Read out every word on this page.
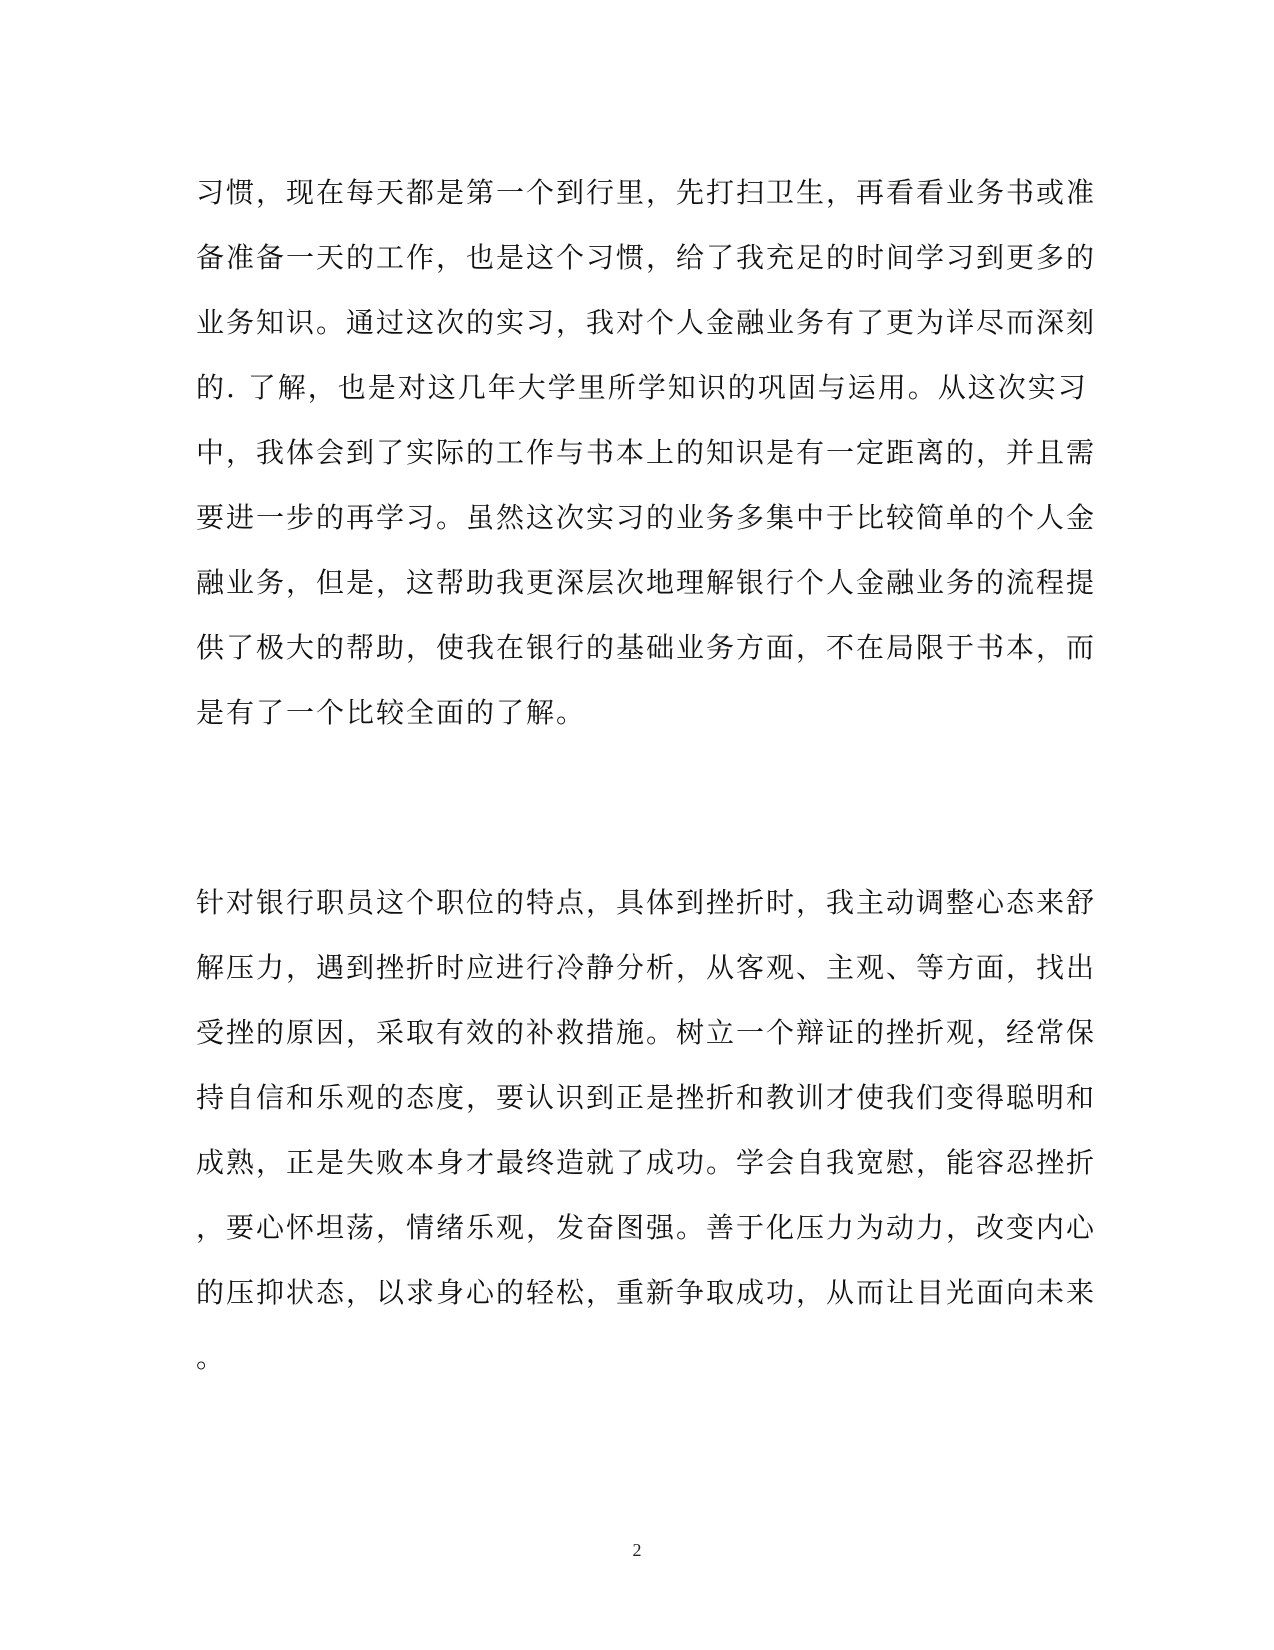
习惯，现在每天都是第一个到行里，先打扫卫生，再看看业务书或准
备准备一天的工作，也是这个习惯，给了我充足的时间学习到更多的
业务知识。通过这次的实习，我对个人金融业务有了更为详尽而深刻
的. 了解，也是对这几年大学里所学知识的巩固与运用。从这次实习
中，我体会到了实际的工作与书本上的知识是有一定距离的，并且需
要进一步的再学习。虽然这次实习的业务多集中于比较简单的个人金
融业务，但是，这帮助我更深层次地理解银行个人金融业务的流程提
供了极大的帮助，使我在银行的基础业务方面，不在局限于书本，而
是有了一个比较全面的了解。
针对银行职员这个职位的特点，具体到挫折时，我主动调整心态来舒
解压力，遇到挫折时应进行冷静分析，从客观、主观、等方面，找出
受挫的原因，采取有效的补救措施。树立一个辩证的挫折观，经常保
持自信和乐观的态度，要认识到正是挫折和教训才使我们变得聪明和
成熟，正是失败本身才最终造就了成功。学会自我宽慰，能容忍挫折
，要心怀坦荡，情绪乐观，发奋图强。善于化压力为动力，改变内心
的压抑状态，以求身心的轻松，重新争取成功，从而让目光面向未来
。
2
